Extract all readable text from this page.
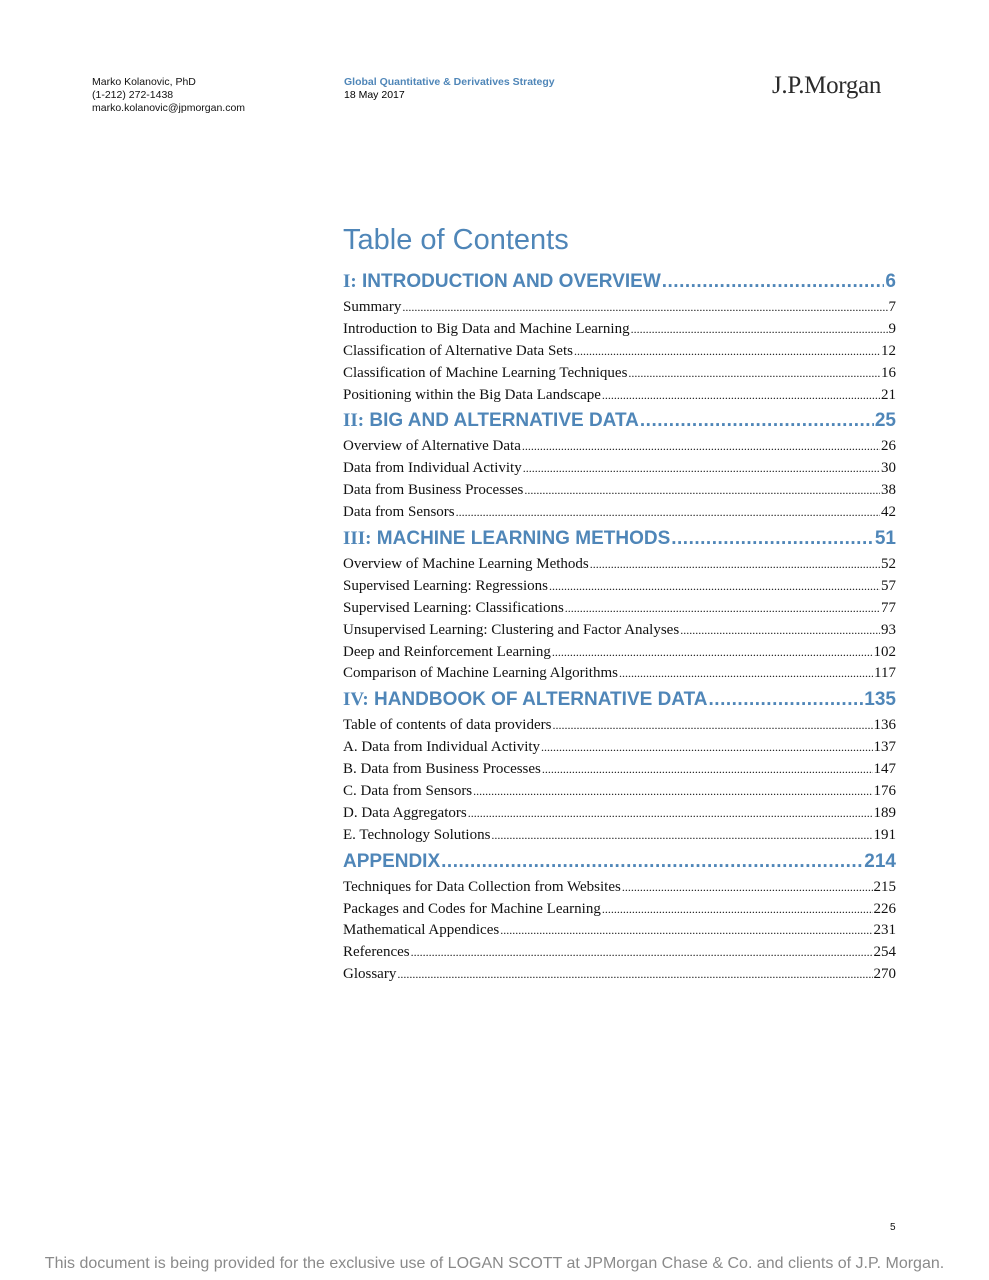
Marko Kolanovic, PhD
(1-212) 272-1438
marko.kolanovic@jpmorgan.com
Global Quantitative & Derivatives Strategy
18 May 2017	J.P.Morgan
Table of Contents
I: INTRODUCTION AND OVERVIEW .....	6
Summary .....	7
Introduction to Big Data and Machine Learning .....	9
Classification of Alternative Data Sets .....	12
Classification of Machine Learning Techniques .....	16
Positioning within the Big Data Landscape .....	21
II: BIG AND ALTERNATIVE DATA .....	25
Overview of Alternative Data .....	26
Data from Individual Activity .....	30
Data from Business Processes .....	38
Data from Sensors .....	42
III: MACHINE LEARNING METHODS .....	51
Overview of Machine Learning Methods .....	52
Supervised Learning: Regressions .....	57
Supervised Learning: Classifications .....	77
Unsupervised Learning: Clustering and Factor Analyses .....	93
Deep and Reinforcement Learning .....	102
Comparison of Machine Learning Algorithms .....	117
IV: HANDBOOK OF ALTERNATIVE DATA .....	135
Table of contents of data providers .....	136
A. Data from Individual Activity .....	137
B. Data from Business Processes .....	147
C. Data from Sensors .....	176
D. Data Aggregators .....	189
E. Technology Solutions .....	191
APPENDIX .....	214
Techniques for Data Collection from Websites .....	215
Packages and Codes for Machine Learning .....	226
Mathematical Appendices .....	231
References .....	254
Glossary .....	270
5
This document is being provided for the exclusive use of LOGAN SCOTT at JPMorgan Chase & Co. and clients of J.P. Morgan.
